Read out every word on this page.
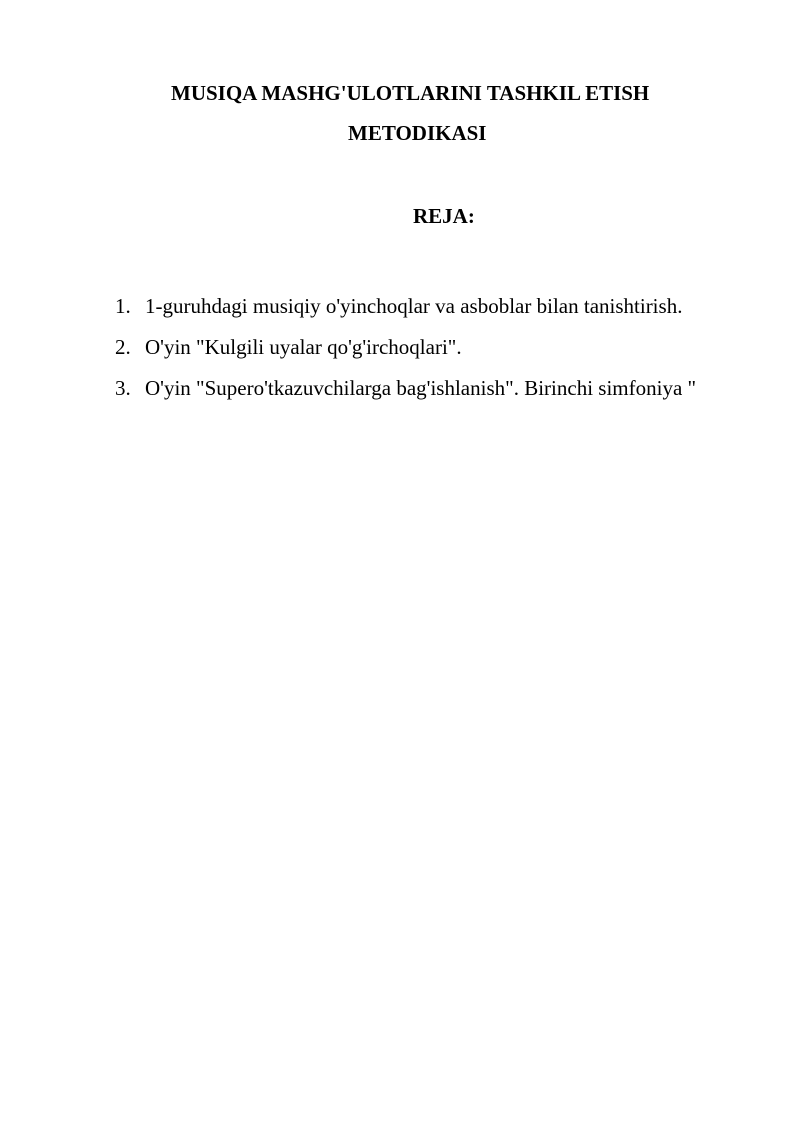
MUSIQA MASHG'ULOTLARINI TASHKIL ETISH
METODIKASI
REJA:
1. 1-guruhdagi musiqiy o'yinchoqlar va asboblar bilan tanishtirish.
2. O'yin "Kulgili uyalar qo'g'irchoqlari".
3. O'yin "Supero'tkazuvchilarga bag'ishlanish". Birinchi simfoniya "
